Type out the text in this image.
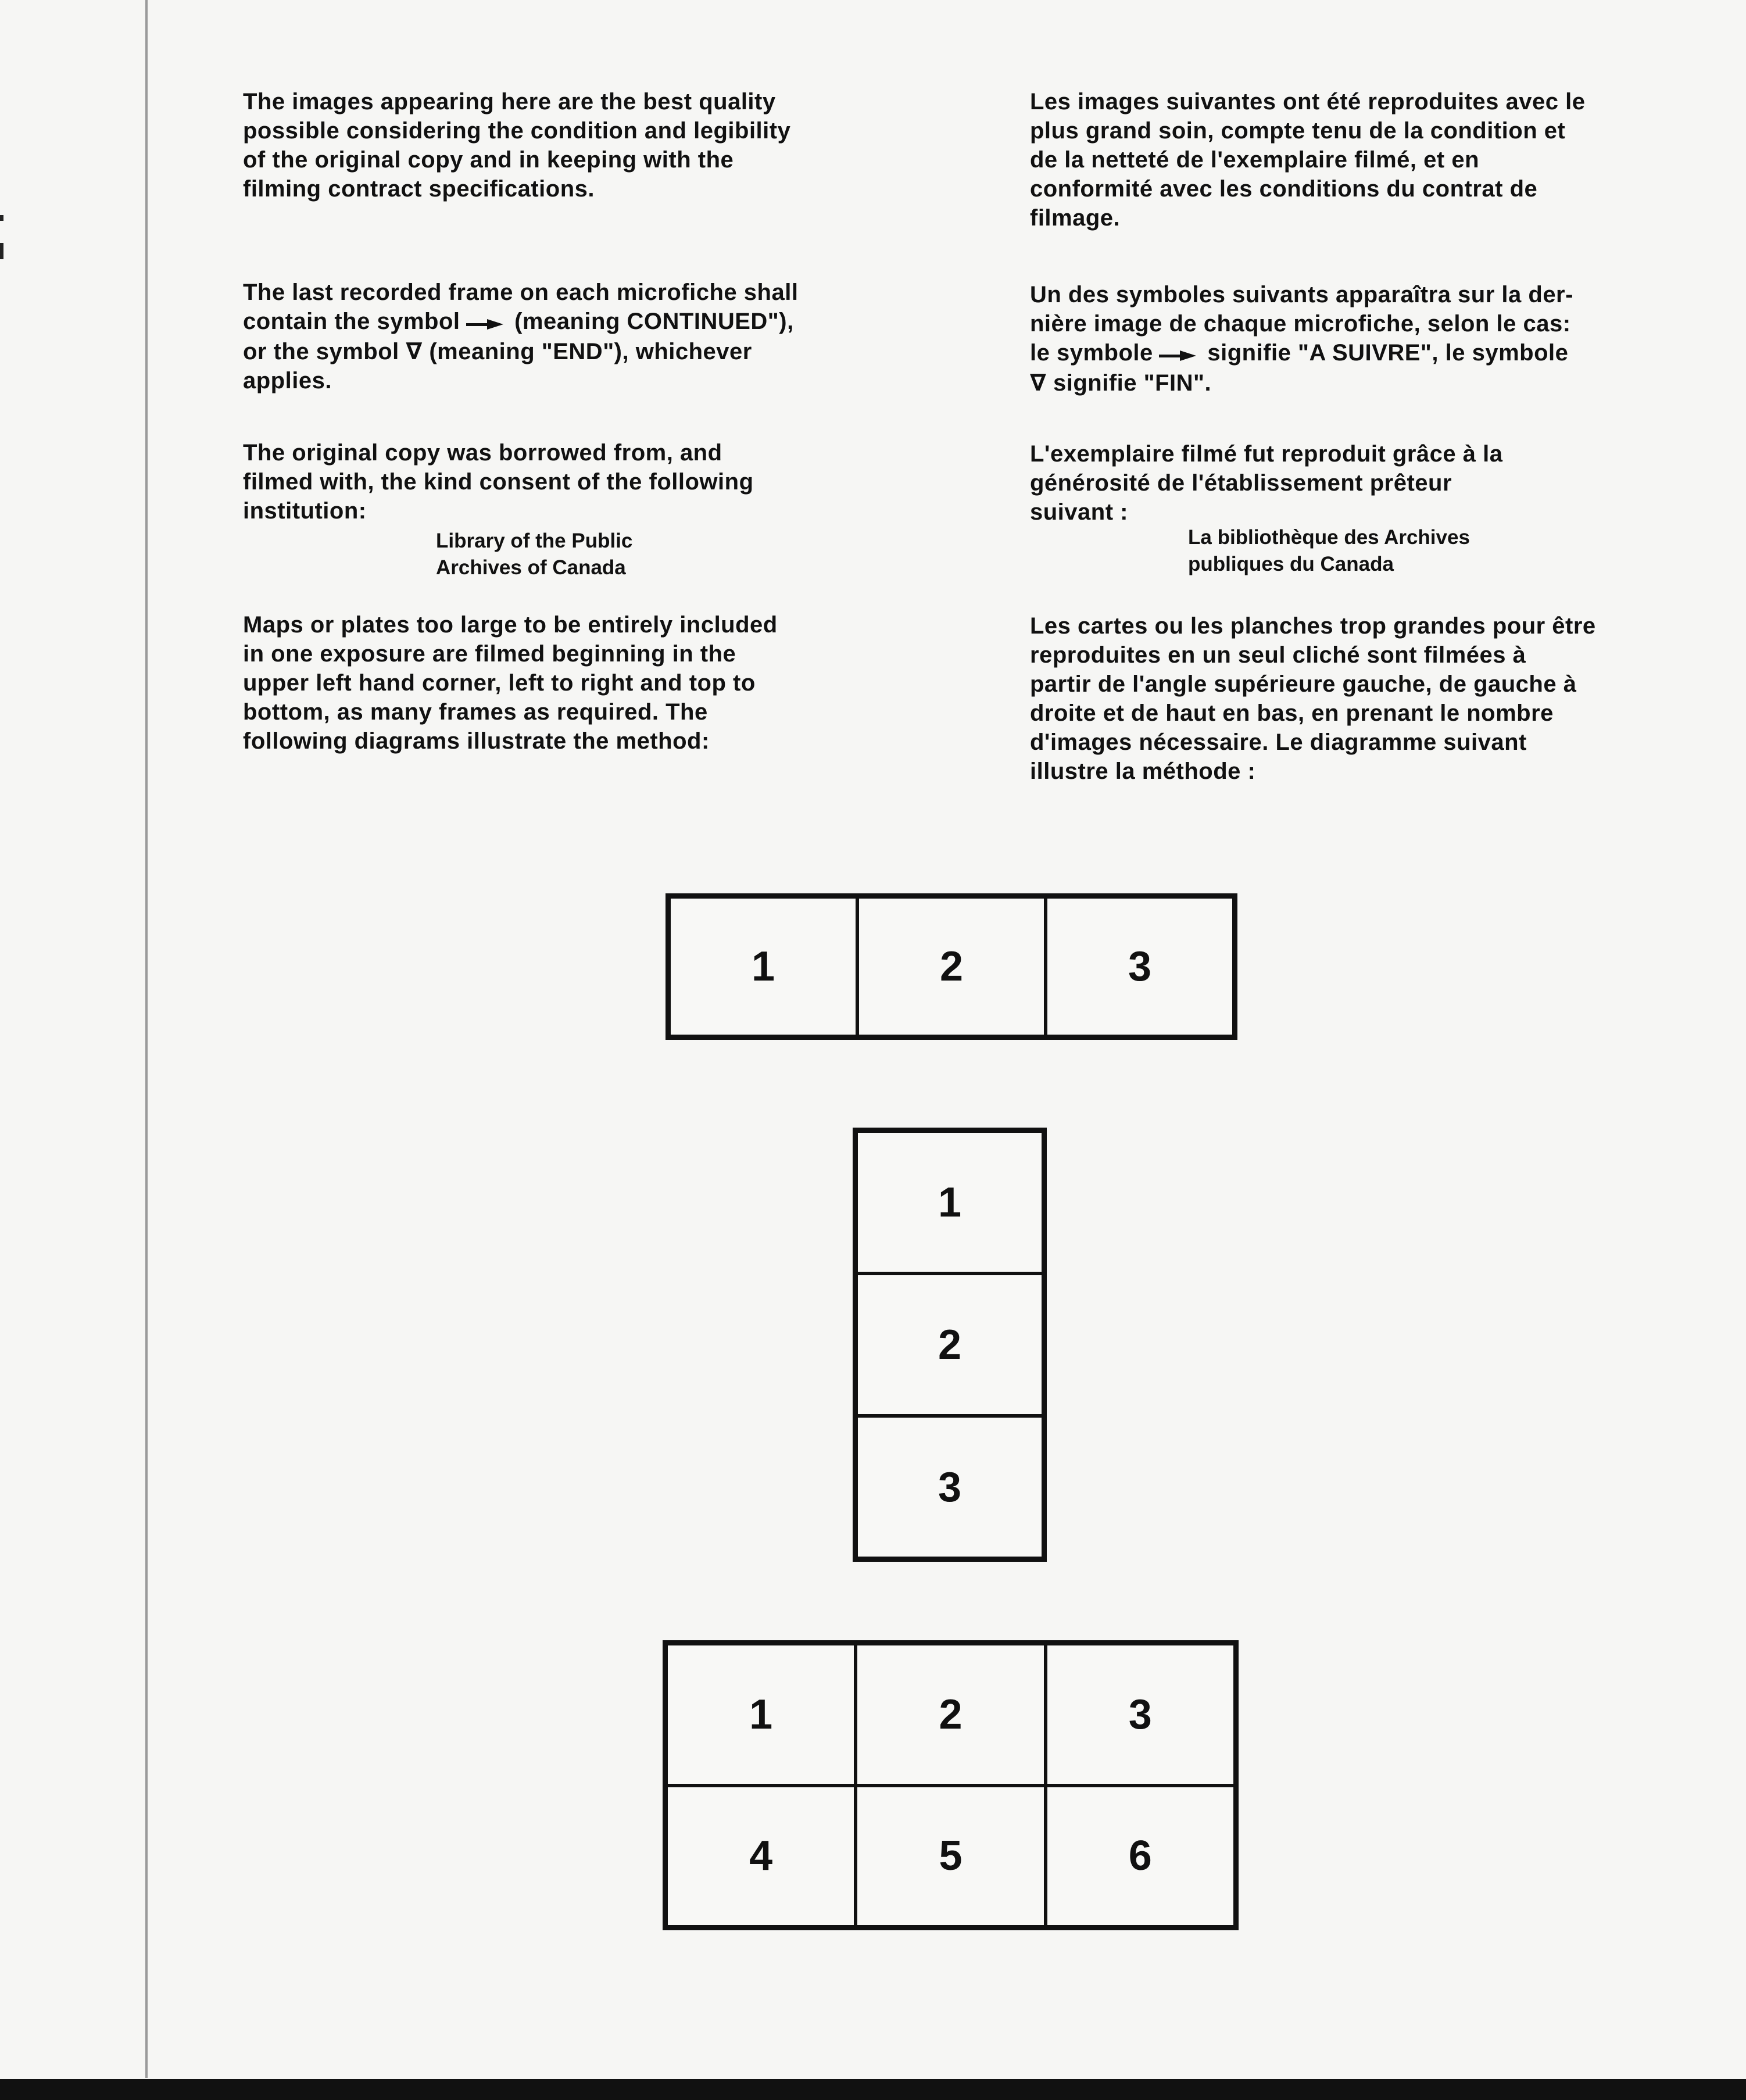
The images appearing here are the best quality
possible considering the condition and legibility
of the original copy and in keeping with the
filming contract specifications.

The last recorded frame on each microfiche shall
contain the symbol (meaning CONTINUED"),
or the symbol ∇ (meaning "END"), whichever
applies.

The original copy was borrowed from, and
filmed with, the kind consent of the following
institution:

Library of the Public
Archives of Canada

Maps or plates too large to be entirely included
in one exposure are filmed beginning in the
upper left hand corner, left to right and top to
bottom, as many frames as required. The
following diagrams illustrate the method:

Les images suivantes ont été reproduites avec le
plus grand soin, compte tenu de la condition et
de la netteté de l'exemplaire filmé, et en
conformité avec les conditions du contrat de
filmage.

Un des symboles suivants apparaîtra sur la der-
nière image de chaque microfiche, selon le cas:
le symbole signifie "A SUIVRE", le symbole
∇ signifie "FIN".

L'exemplaire filmé fut reproduit grâce à la
générosité de l'établissement prêteur
suivant :

La bibliothèque des Archives
publiques du Canada

Les cartes ou les planches trop grandes pour être
reproduites en un seul cliché sont filmées à
partir de l'angle supérieure gauche, de gauche à
droite et de haut en bas, en prenant le nombre
d'images nécessaire. Le diagramme suivant
illustre la méthode :

1	2	3
1
2
3
1	2	3
4	5	6
